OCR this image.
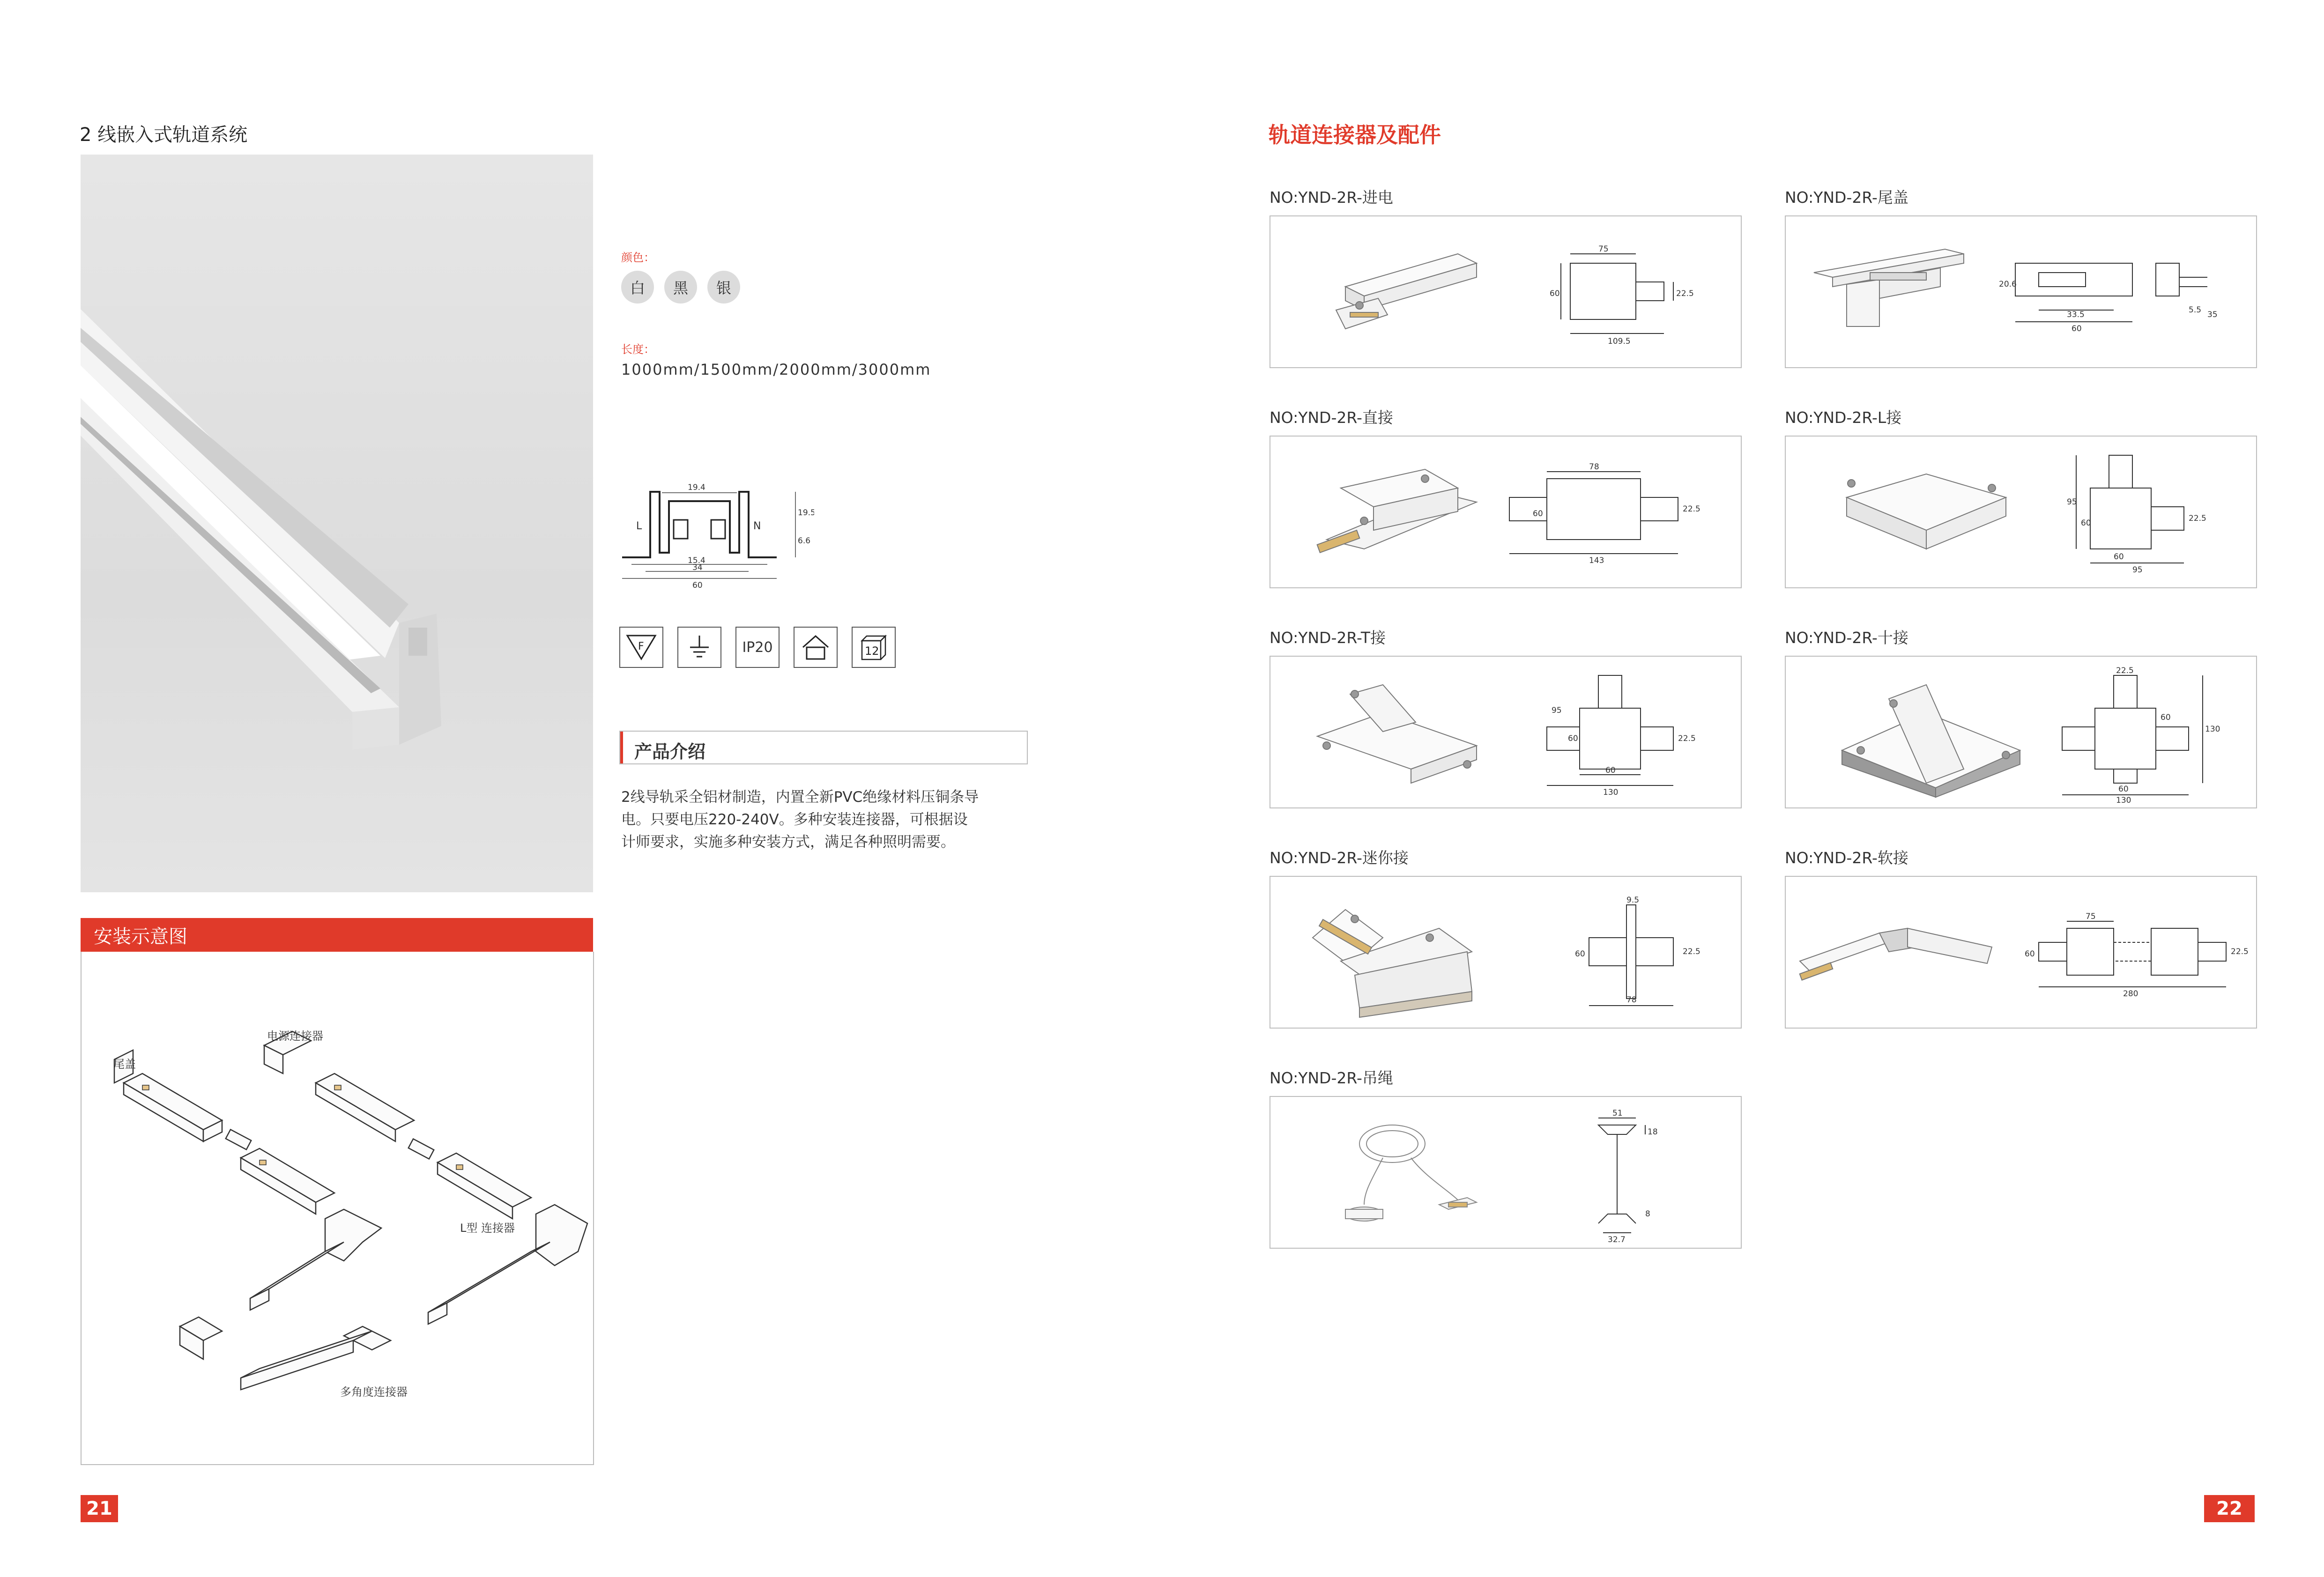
2 线嵌入式轨道系统
颜色：
白	黑	银
长度：
1000mm/1500mm/2000mm/3000mm
19.4
15.4
34
60
19.5
6.6
L	N
F	IP20	12
产品介绍
2线导轨采全铝材制造，内置全新PVC绝缘材料压铜条导
电。只要电压220-240V。多种安装连接器，可根据设
计师要求，实施多种安装方式，满足各种照明需要。
安装示意图
电源连接器
尾盖
L型 连接器
多角度连接器
21
轨道连接器及配件
NO:YND-2R-进电	NO:YND-2R-尾盖
NO:YND-2R-直接	NO:YND-2R-L接
NO:YND-2R-T接	NO:YND-2R-十接
NO:YND-2R-迷你接	NO:YND-2R-软接
NO:YND-2R-吊绳
75
60	22.5
109.5
20.6
33.5
60
5.5 35
78
60	22.5
143
95
60	22.5
60
95
95
60	22.5
60
130
22.5
60
130
60
130
9.5
60	22.5
78
75
60	22.5
280
51
18
32.7
8
22
